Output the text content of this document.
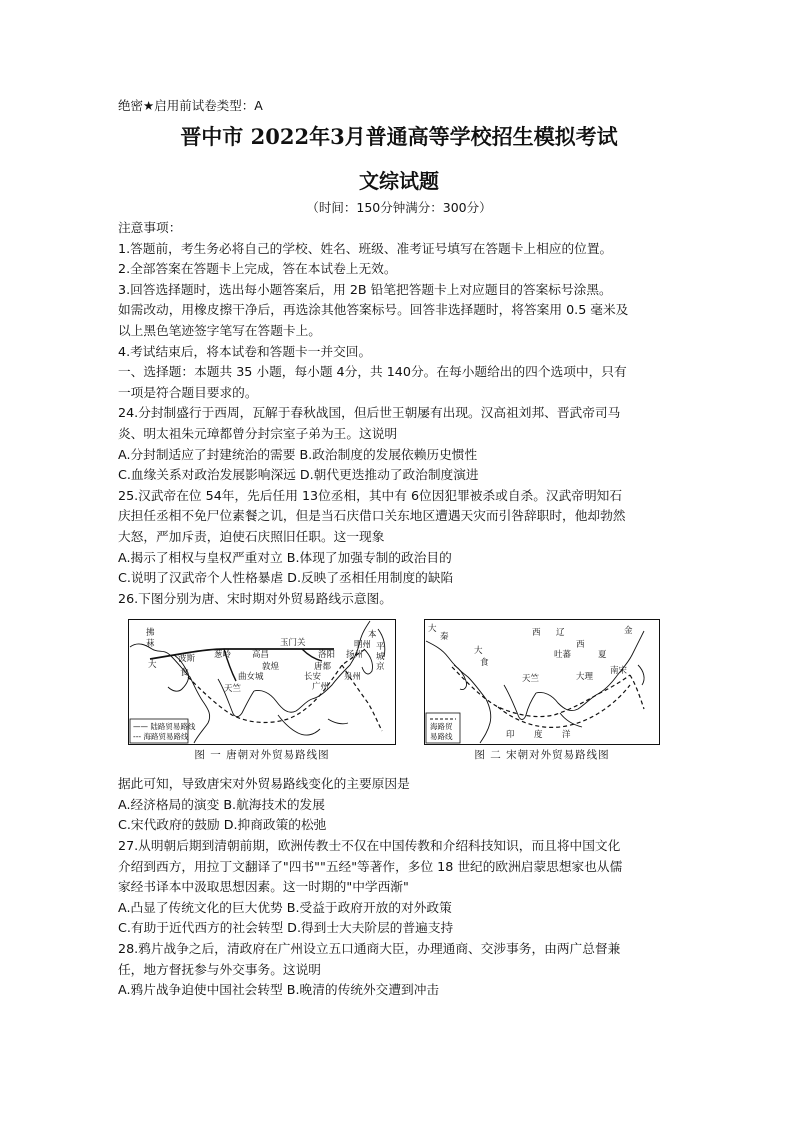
绝密★启用前试卷类型：A
晋中市 2022年3月普通高等学校招生模拟考试
文综试题
（时间：150分钟满分：300分）
注意事项：
1.答题前，考生务必将自己的学校、姓名、班级、准考证号填写在答题卡上相应的位置。
2.全部答案在答题卡上完成，答在本试卷上无效。
3.回答选择题时，选出每小题答案后，用 2B 铅笔把答题卡上对应题目的答案标号涂黑。
如需改动，用橡皮擦干净后，再选涂其他答案标号。回答非选择题时，将答案用 0.5 毫米及
以上黑色笔迹签字笔写在答题卡上。
4.考试结束后，将本试卷和答题卡一并交回。
一、选择题：本题共 35 小题，每小题 4分，共 140分。在每小题给出的四个选项中，只有
一项是符合题目要求的。
24.分封制盛行于西周，瓦解于春秋战国，但后世王朝屡有出现。汉高祖刘邦、晋武帝司马
炎、明太祖朱元璋都曾分封宗室子弟为王。这说明
A.分封制适应了封建统治的需要 B.政治制度的发展依赖历史惯性
C.血缘关系对政治发展影响深远 D.朝代更迭推动了政治制度演进
25.汉武帝在位 54年，先后任用 13位丞相，其中有 6位因犯罪被杀或自杀。汉武帝明知石
庆担任丞相不免尸位素餐之讥，但是当石庆借口关东地区遭遇天灾而引咎辞职时，他却勃然
大怒，严加斥责，迫使石庆照旧任职。这一现象
A.揭示了相权与皇权严重对立 B.体现了加强专制的政治目的
C.说明了汉武帝个人性格暴虐 D.反映了丞相任用制度的缺陷
26.下图分别为唐、宋时期对外贸易路线示意图。
拂
菻
大
波斯
食
葱岭 高昌
敦煌
玉门关
长安
洛阳
唐都
扬州
广州
泉州
明州 平
城
京
曲女城
天竺
本
—— 陆路贸易路线
--- 海路贸易路线
图 一 唐朝对外贸易路线图
大
秦
大
食
西 辽
西
夏
金
吐蕃
天竺	大理
南宋
印 度 洋
海路贸
易路线
图 二 宋朝对外贸易路线图
据此可知，导致唐宋对外贸易路线变化的主要原因是
A.经济格局的演变 B.航海技术的发展
C.宋代政府的鼓励 D.抑商政策的松弛
27.从明朝后期到清朝前期，欧洲传教士不仅在中国传教和介绍科技知识，而且将中国文化
介绍到西方，用拉丁文翻译了"四书""五经"等著作，多位 18 世纪的欧洲启蒙思想家也从儒
家经书译本中汲取思想因素。这一时期的"中学西渐"
A.凸显了传统文化的巨大优势 B.受益于政府开放的对外政策
C.有助于近代西方的社会转型 D.得到士大夫阶层的普遍支持
28.鸦片战争之后，清政府在广州设立五口通商大臣，办理通商、交涉事务，由两广总督兼
任，地方督抚参与外交事务。这说明
A.鸦片战争迫使中国社会转型 B.晚清的传统外交遭到冲击
